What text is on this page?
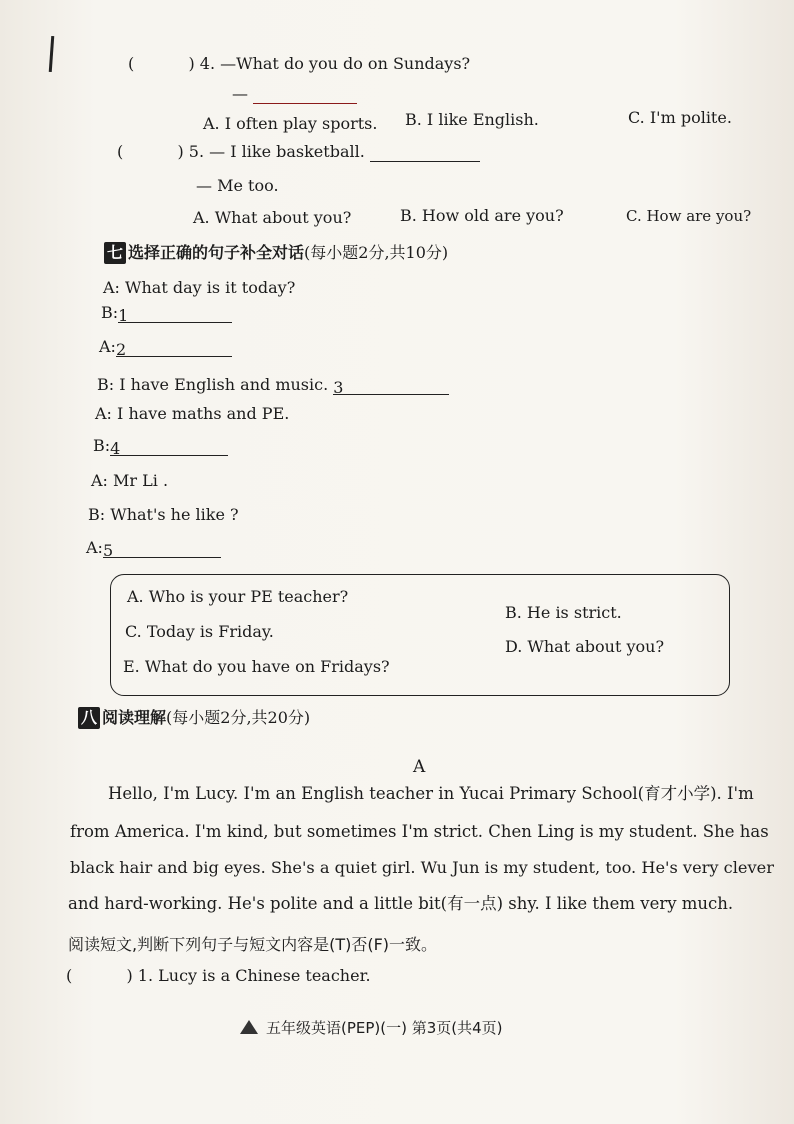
(	) 4. —What do you do on Sundays?
—
A. I often play sports. B. I like English.	C. I'm polite.
(	) 5. — I like basketball.
— Me too.
A. What about you?	B. How old are you?	C. How are you?
七 选择正确的句子补全对话(每小题2分,共10分)
A: What day is it today?
B:1
A:2
B: I have English and music. 3
A: I have maths and PE.
B:4
A: Mr Li .
B: What's he like ?
A:5
A. Who is your PE teacher?
B. He is strict.
C. Today is Friday.
D. What about you?
E. What do you have on Fridays?
八 阅读理解(每小题2分,共20分)
A
Hello, I'm Lucy. I'm an English teacher in Yucai Primary School(育才小学). I'm
from America. I'm kind, but sometimes I'm strict. Chen Ling is my student. She has
black hair and big eyes. She's a quiet girl. Wu Jun is my student, too. He's very clever
and hard-working. He's polite and a little bit(有一点) shy. I like them very much.
阅读短文,判断下列句子与短文内容是(T)否(F)一致。
(	) 1. Lucy is a Chinese teacher.
五年级英语(PEP)(一) 第3页(共4页)
